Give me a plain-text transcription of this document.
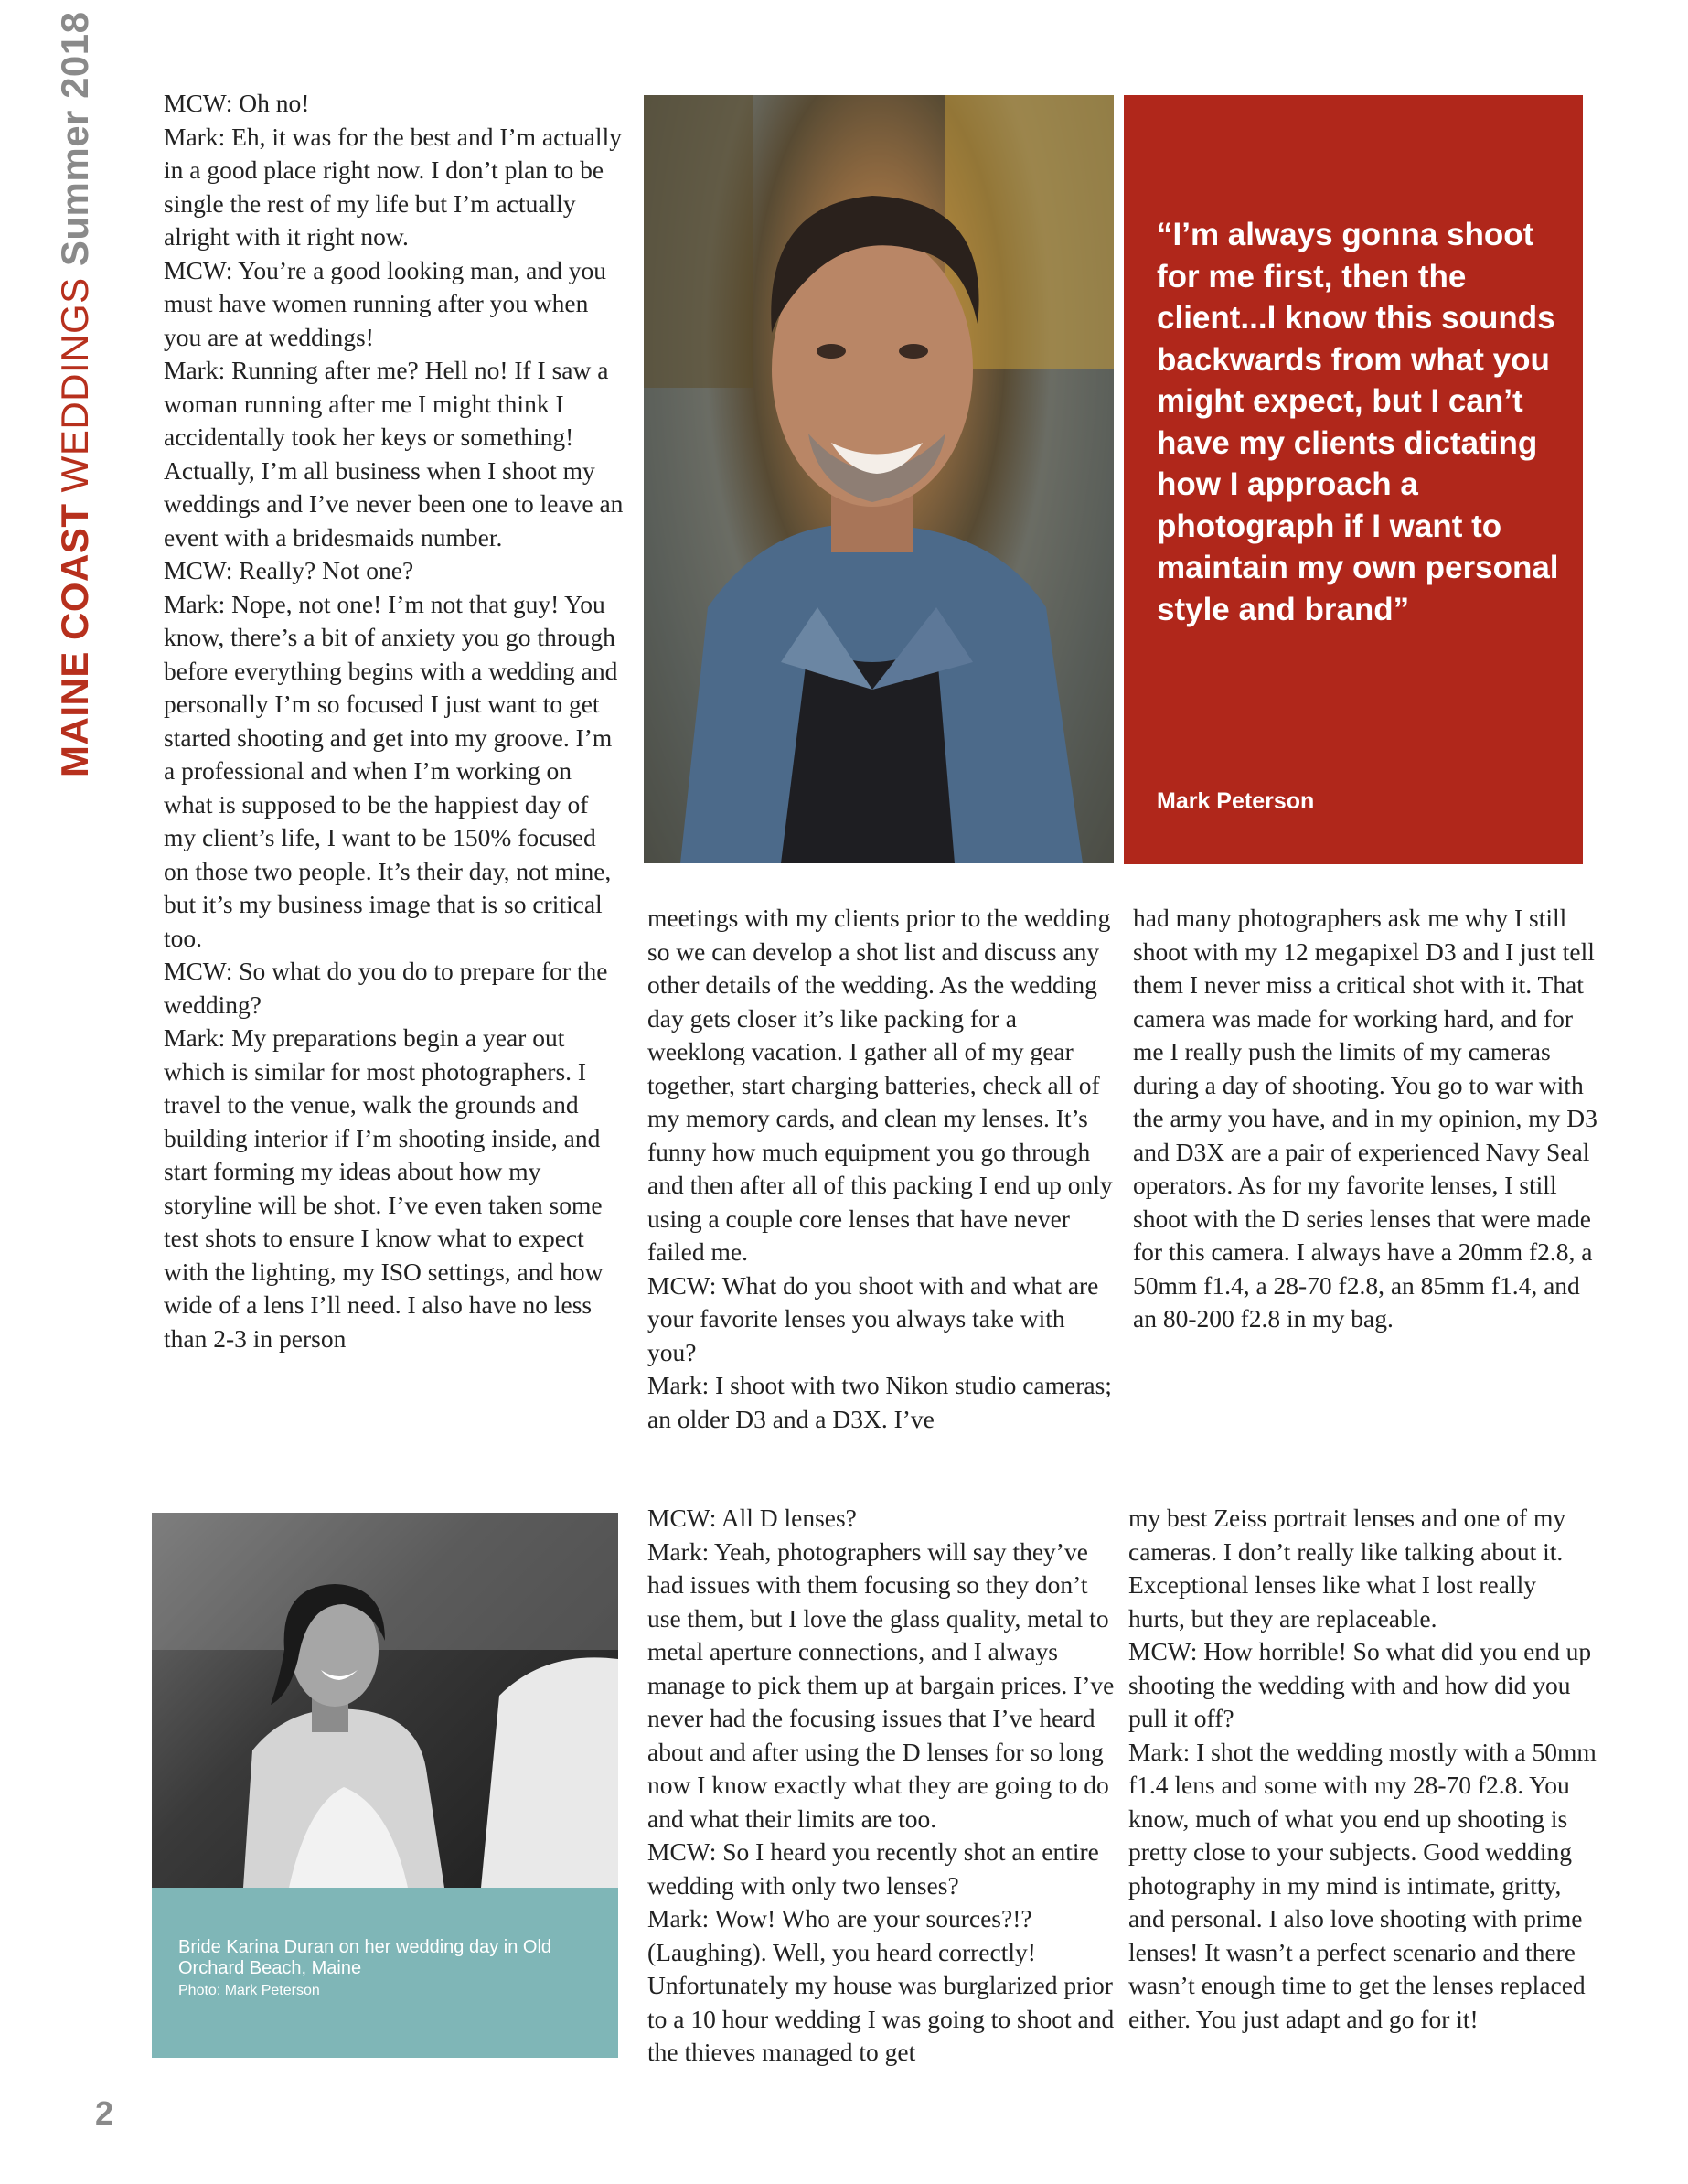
MAINE COAST WEDDINGS Summer 2018	MCW: Oh no!

Mark: Eh, it was for the best and I’m actually in a good place right now. I don’t plan to be single the rest of my life but I’m actually alright with it right now.

MCW: You’re a good looking man, and you must have women running after you when you are at weddings!

Mark: Running after me? Hell no! If I saw a woman running after me I might think I accidentally took her keys or something! Actually, I’m all business when I shoot my weddings and I’ve never been one to leave an event with a bridesmaids number.

MCW: Really? Not one?

Mark: Nope, not one! I’m not that guy! You know, there’s a bit of anxiety you go through before everything begins with a wedding and personally I’m so focused I just want to get started shooting and get into my groove. I’m a professional and when I’m working on what is supposed to be the happiest day of my client’s life, I want to be 150% focused on those two people. It’s their day, not mine, but it’s my business image that is so critical too.

MCW: So what do you do to prepare for the wedding?

Mark: My preparations begin a year out which is similar for most photographers. I travel to the venue, walk the grounds and building interior if I’m shooting inside, and start forming my ideas about how my storyline will be shot. I’ve even taken some test shots to ensure I know what to expect with the lighting, my ISO settings, and how wide of a lens I’ll need. I also have no less than 2-3 in person

“I’m always gonna shoot for me first, then the client...I know this sounds backwards from what you might expect, but I can’t have my clients dictating how I approach a photograph if I want to maintain my own personal style and brand”
Mark Peterson

meetings with my clients prior to the wedding so we can develop a shot list and discuss any other details of the wedding. As the wedding day gets closer it’s like packing for a weeklong vacation. I gather all of my gear together, start charging batteries, check all of my memory cards, and clean my lenses. It’s funny how much equipment you go through and then after all of this packing I end up only using a couple core lenses that have never failed me.

MCW: What do you shoot with and what are your favorite lenses you always take with you?

Mark: I shoot with two Nikon studio cameras; an older D3 and a D3X. I’ve

had many photographers ask me why I still shoot with my 12 megapixel D3 and I just tell them I never miss a critical shot with it. That camera was made for working hard, and for me I really push the limits of my cameras during a day of shooting. You go to war with the army you have, and in my opinion, my D3 and D3X are a pair of experienced Navy Seal operators. As for my favorite lenses, I still shoot with the D series lenses that were made for this camera. I always have a 20mm f2.8, a 50mm f1.4, a 28-70 f2.8, an 85mm f1.4, and an 80-200 f2.8 in my bag.

Bride Karina Duran on her wedding day in Old Orchard Beach, Maine
Photo: Mark Peterson

MCW: All D lenses?

Mark: Yeah, photographers will say they’ve had issues with them focusing so they don’t use them, but I love the glass quality, metal to metal aperture connections, and I always manage to pick them up at bargain prices. I’ve never had the focusing issues that I’ve heard about and after using the D lenses for so long now I know exactly what they are going to do and what their limits are too.

MCW: So I heard you recently shot an entire wedding with only two lenses?

Mark: Wow! Who are your sources?!? (Laughing). Well, you heard correctly! Unfortunately my house was burglarized prior to a 10 hour wedding I was going to shoot and the thieves managed to get

my best Zeiss portrait lenses and one of my cameras. I don’t really like talking about it. Exceptional lenses like what I lost really hurts, but they are replaceable.

MCW: How horrible! So what did you end up shooting the wedding with and how did you pull it off?

Mark: I shot the wedding mostly with a 50mm f1.4 lens and some with my 28-70 f2.8. You know, much of what you end up shooting is pretty close to your subjects. Good wedding photography in my mind is intimate, gritty, and personal. I also love shooting with prime lenses! It wasn’t a perfect scenario and there wasn’t enough time to get the lenses replaced either. You just adapt and go for it!

2
